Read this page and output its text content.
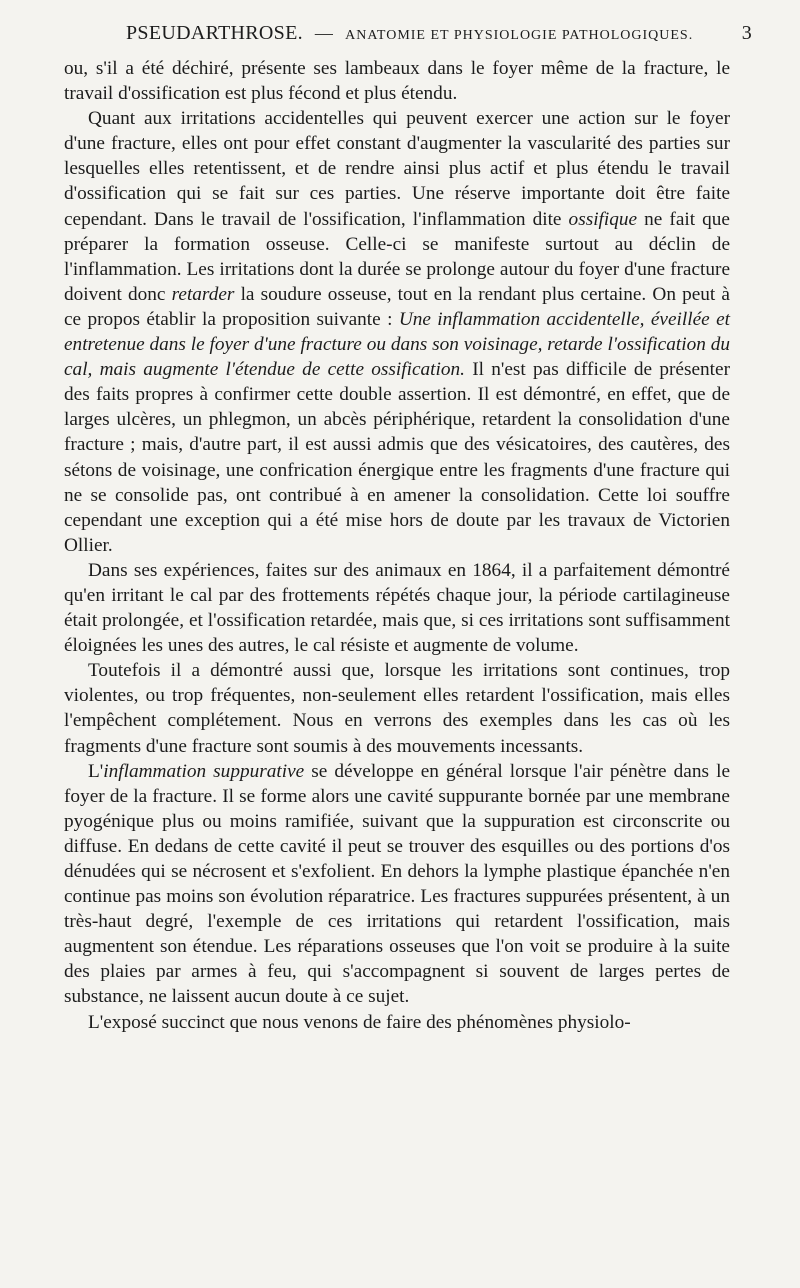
PSEUDARTHROSE. — ANATOMIE ET PHYSIOLOGIE PATHOLOGIQUES. 3

ou, s'il a été déchiré, présente ses lambeaux dans le foyer même de la fracture, le travail d'ossification est plus fécond et plus étendu.

Quant aux irritations accidentelles qui peuvent exercer une action sur le foyer d'une fracture, elles ont pour effet constant d'augmenter la vascularité des parties sur lesquelles elles retentissent, et de rendre ainsi plus actif et plus étendu le travail d'ossification qui se fait sur ces parties. Une réserve importante doit être faite cependant. Dans le travail de l'ossification, l'inflammation dite ossifique ne fait que préparer la formation osseuse. Celle-ci se manifeste surtout au déclin de l'inflammation. Les irritations dont la durée se prolonge autour du foyer d'une fracture doivent donc retarder la soudure osseuse, tout en la rendant plus certaine. On peut à ce propos établir la proposition suivante : Une inflammation accidentelle, éveillée et entretenue dans le foyer d'une fracture ou dans son voisinage, retarde l'ossification du cal, mais augmente l'étendue de cette ossification. Il n'est pas difficile de présenter des faits propres à confirmer cette double assertion. Il est démontré, en effet, que de larges ulcères, un phlegmon, un abcès périphérique, retardent la consolidation d'une fracture ; mais, d'autre part, il est aussi admis que des vésicatoires, des cautères, des sétons de voisinage, une confrication énergique entre les fragments d'une fracture qui ne se consolide pas, ont contribué à en amener la consolidation. Cette loi souffre cependant une exception qui a été mise hors de doute par les travaux de Victorien Ollier.

Dans ses expériences, faites sur des animaux en 1864, il a parfaitement démontré qu'en irritant le cal par des frottements répétés chaque jour, la période cartilagineuse était prolongée, et l'ossification retardée, mais que, si ces irritations sont suffisamment éloignées les unes des autres, le cal résiste et augmente de volume.

Toutefois il a démontré aussi que, lorsque les irritations sont continues, trop violentes, ou trop fréquentes, non-seulement elles retardent l'ossification, mais elles l'empêchent complétement. Nous en verrons des exemples dans les cas où les fragments d'une fracture sont soumis à des mouvements incessants.

L'inflammation suppurative se développe en général lorsque l'air pénètre dans le foyer de la fracture. Il se forme alors une cavité suppurante bornée par une membrane pyogénique plus ou moins ramifiée, suivant que la suppuration est circonscrite ou diffuse. En dedans de cette cavité il peut se trouver des esquilles ou des portions d'os dénudées qui se nécrosent et s'exfolient. En dehors la lymphe plastique épanchée n'en continue pas moins son évolution réparatrice. Les fractures suppurées présentent, à un très-haut degré, l'exemple de ces irritations qui retardent l'ossification, mais augmentent son étendue. Les réparations osseuses que l'on voit se produire à la suite des plaies par armes à feu, qui s'accompagnent si souvent de larges pertes de substance, ne laissent aucun doute à ce sujet.

L'exposé succinct que nous venons de faire des phénomènes physiolo-
